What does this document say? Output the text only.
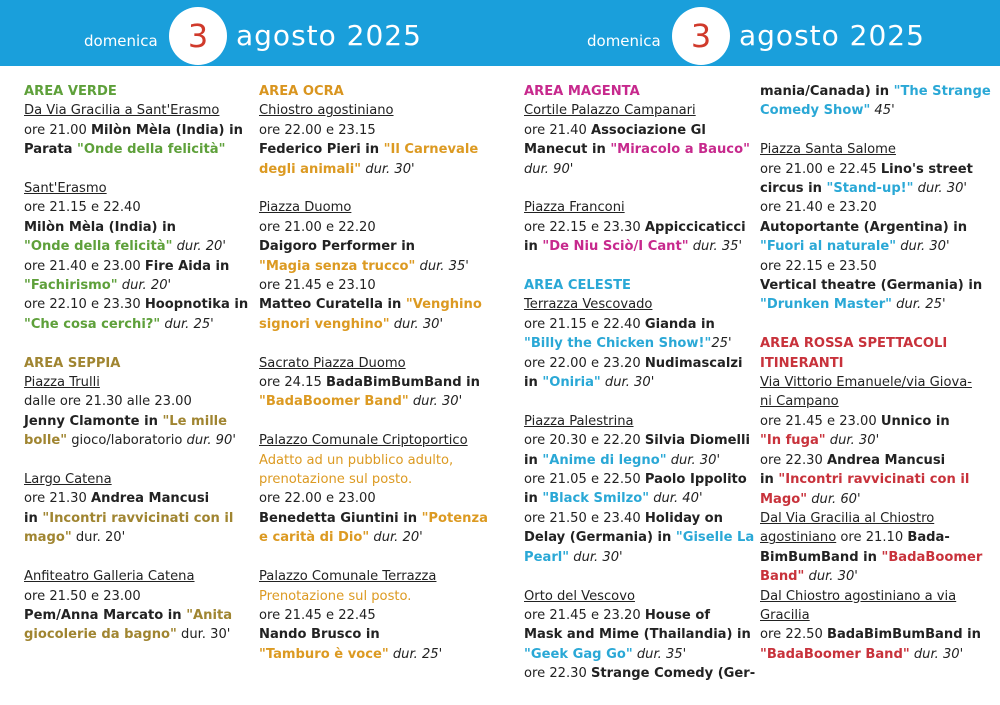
domenica 3 agosto 2025	domenica 3 agosto 2025

AREA VERDE

Da Via Gracilia a Sant'Erasmo

ore 21.00 Milòn Mèla (India) in

Parata "Onde della felicità"

Sant'Erasmo

ore 21.15 e 22.40

Milòn Mèla (India) in

"Onde della felicità" dur. 20'

ore 21.40 e 23.00 Fire Aida in

"Fachirismo" dur. 20'

ore 22.10 e 23.30 Hoopnotika in

"Che cosa cerchi?" dur. 25'

AREA SEPPIA

Piazza Trulli

dalle ore 21.30 alle 23.00

Jenny Clamonte in "Le mille

bolle" gioco/laboratorio dur. 90'

Largo Catena

ore 21.30 Andrea Mancusi

in "Incontri ravvicinati con il

mago" dur. 20'

Anfiteatro Galleria Catena

ore 21.50 e 23.00

Pem/Anna Marcato in "Anita

giocolerie da bagno" dur. 30'

AREA OCRA

Chiostro agostiniano

ore 22.00 e 23.15

Federico Pieri in "Il Carnevale

degli animali" dur. 30'

Piazza Duomo

ore 21.00 e 22.20

Daigoro Performer in

"Magia senza trucco" dur. 35'

ore 21.45 e 23.10

Matteo Curatella in "Venghino

signori venghino" dur. 30'

Sacrato Piazza Duomo

ore 24.15 BadaBimBumBand in

"BadaBoomer Band" dur. 30'

Palazzo Comunale Criptoportico

Adatto ad un pubblico adulto,

prenotazione sul posto.

ore 22.00 e 23.00

Benedetta Giuntini in "Potenza

e carità di Dio" dur. 20'

Palazzo Comunale Terrazza

Prenotazione sul posto.

ore 21.45 e 22.45

Nando Brusco in

"Tamburo è voce" dur. 25'

AREA MAGENTA

Cortile Palazzo Campanari

ore 21.40 Associazione Gl

Manecut in "Miracolo a Bauco"

dur. 90'

Piazza Franconi

ore 22.15 e 23.30 Appiccicaticci

in "De Niu Sciò/I Cant" dur. 35'

AREA CELESTE

Terrazza Vescovado

ore 21.15 e 22.40 Gianda in

"Billy the Chicken Show!"25'

ore 22.00 e 23.20 Nudimascalzi

in "Oniria" dur. 30'

Piazza Palestrina

ore 20.30 e 22.20 Silvia Diomelli

in "Anime di legno" dur. 30'

ore 21.05 e 22.50 Paolo Ippolito

in "Black Smilzo" dur. 40'

ore 21.50 e 23.40 Holiday on

Delay (Germania) in "Giselle La

Pearl" dur. 30'

Orto del Vescovo

ore 21.45 e 23.20 House of

Mask and Mime (Thailandia) in

"Geek Gag Go" dur. 35'

ore 22.30 Strange Comedy (Ger-

mania/Canada) in "The Strange

Comedy Show" 45'

Piazza Santa Salome

ore 21.00 e 22.45 Lino's street

circus in "Stand-up!" dur. 30'

ore 21.40 e 23.20

Autoportante (Argentina) in

"Fuori al naturale" dur. 30'

ore 22.15 e 23.50

Vertical theatre (Germania) in

"Drunken Master" dur. 25'

AREA ROSSA SPETTACOLI

ITINERANTI

Via Vittorio Emanuele/via Giova-

ni Campano

ore 21.45 e 23.00 Unnico in

"In fuga" dur. 30'

ore 22.30 Andrea Mancusi

in "Incontri ravvicinati con il

Mago" dur. 60'

Dal Via Gracilia al Chiostro

agostiniano ore 21.10 Bada-

BimBumBand in "BadaBoomer

Band" dur. 30'

Dal Chiostro agostiniano a via

Gracilia

ore 22.50 BadaBimBumBand in

"BadaBoomer Band" dur. 30'
